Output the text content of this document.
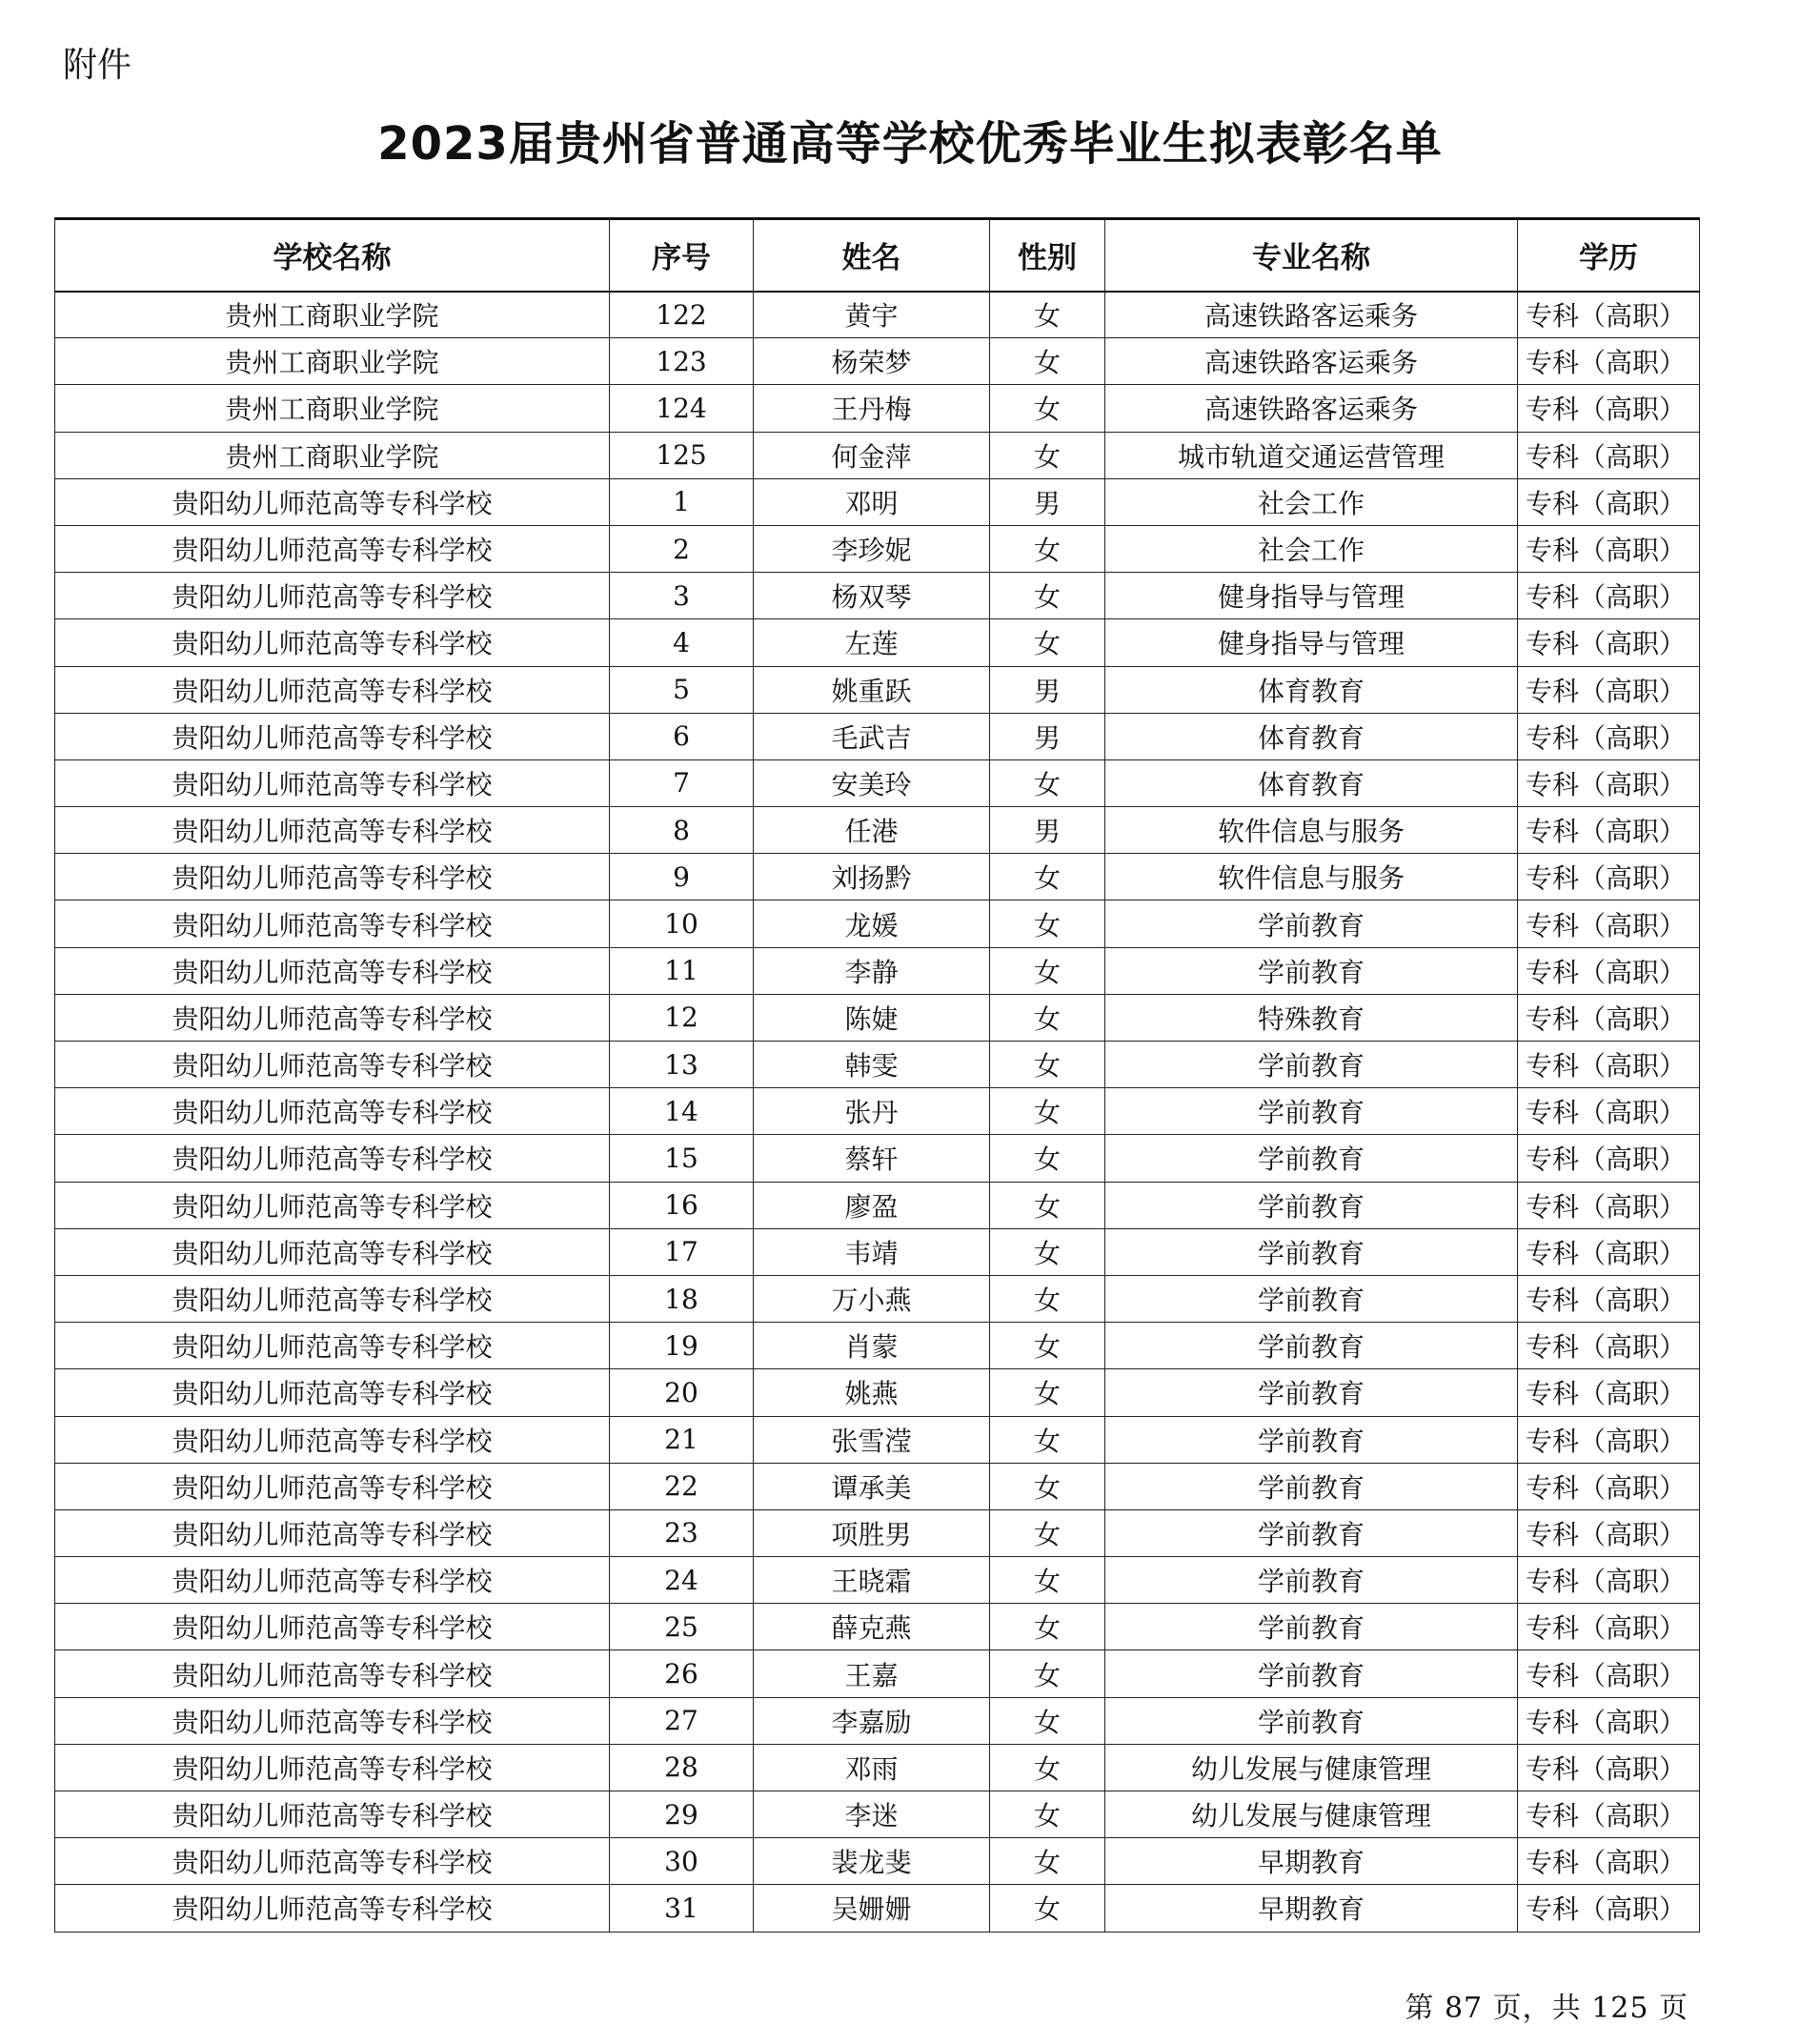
附件
2023届贵州省普通高等学校优秀毕业生拟表彰名单
学校名称	序号	姓名	性别	专业名称	学历
贵州工商职业学院	122	黄宇	女	高速铁路客运乘务	专科（高职）
贵州工商职业学院	123	杨荣梦	女	高速铁路客运乘务	专科（高职）
贵州工商职业学院	124	王丹梅	女	高速铁路客运乘务	专科（高职）
贵州工商职业学院	125	何金萍	女	城市轨道交通运营管理	专科（高职）
贵阳幼儿师范高等专科学校	1	邓明	男	社会工作	专科（高职）
贵阳幼儿师范高等专科学校	2	李珍妮	女	社会工作	专科（高职）
贵阳幼儿师范高等专科学校	3	杨双琴	女	健身指导与管理	专科（高职）
贵阳幼儿师范高等专科学校	4	左莲	女	健身指导与管理	专科（高职）
贵阳幼儿师范高等专科学校	5	姚重跃	男	体育教育	专科（高职）
贵阳幼儿师范高等专科学校	6	毛武吉	男	体育教育	专科（高职）
贵阳幼儿师范高等专科学校	7	安美玲	女	体育教育	专科（高职）
贵阳幼儿师范高等专科学校	8	任港	男	软件信息与服务	专科（高职）
贵阳幼儿师范高等专科学校	9	刘扬黔	女	软件信息与服务	专科（高职）
贵阳幼儿师范高等专科学校	10	龙媛	女	学前教育	专科（高职）
贵阳幼儿师范高等专科学校	11	李静	女	学前教育	专科（高职）
贵阳幼儿师范高等专科学校	12	陈婕	女	特殊教育	专科（高职）
贵阳幼儿师范高等专科学校	13	韩雯	女	学前教育	专科（高职）
贵阳幼儿师范高等专科学校	14	张丹	女	学前教育	专科（高职）
贵阳幼儿师范高等专科学校	15	蔡轩	女	学前教育	专科（高职）
贵阳幼儿师范高等专科学校	16	廖盈	女	学前教育	专科（高职）
贵阳幼儿师范高等专科学校	17	韦靖	女	学前教育	专科（高职）
贵阳幼儿师范高等专科学校	18	万小燕	女	学前教育	专科（高职）
贵阳幼儿师范高等专科学校	19	肖蒙	女	学前教育	专科（高职）
贵阳幼儿师范高等专科学校	20	姚燕	女	学前教育	专科（高职）
贵阳幼儿师范高等专科学校	21	张雪滢	女	学前教育	专科（高职）
贵阳幼儿师范高等专科学校	22	谭承美	女	学前教育	专科（高职）
贵阳幼儿师范高等专科学校	23	项胜男	女	学前教育	专科（高职）
贵阳幼儿师范高等专科学校	24	王晓霜	女	学前教育	专科（高职）
贵阳幼儿师范高等专科学校	25	薛克燕	女	学前教育	专科（高职）
贵阳幼儿师范高等专科学校	26	王嘉	女	学前教育	专科（高职）
贵阳幼儿师范高等专科学校	27	李嘉励	女	学前教育	专科（高职）
贵阳幼儿师范高等专科学校	28	邓雨	女	幼儿发展与健康管理	专科（高职）
贵阳幼儿师范高等专科学校	29	李迷	女	幼儿发展与健康管理	专科（高职）
贵阳幼儿师范高等专科学校	30	裴龙斐	女	早期教育	专科（高职）
贵阳幼儿师范高等专科学校	31	吴姗姗	女	早期教育	专科（高职）
第 87 页，共 125 页
